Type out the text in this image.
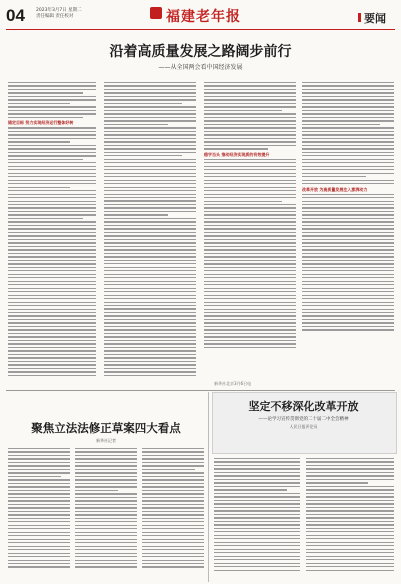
04 2023年3月7日 星期二
责任编辑 责任校对	福建老年报	要闻
沿着高质量发展之路阔步前行
——从全国两会看中国经济发展
锚定目标 努力实现经济运行整体好转
稳字当头 推动经济实现质的有效提升
改革开放 为高质量发展注入澎湃动力
新华社北京3月6日电
聚焦立法法修正草案四大看点
新华社记者
坚定不移深化改革开放
——论学习宣传贯彻党的二十届二中全会精神
人民日报评论员
